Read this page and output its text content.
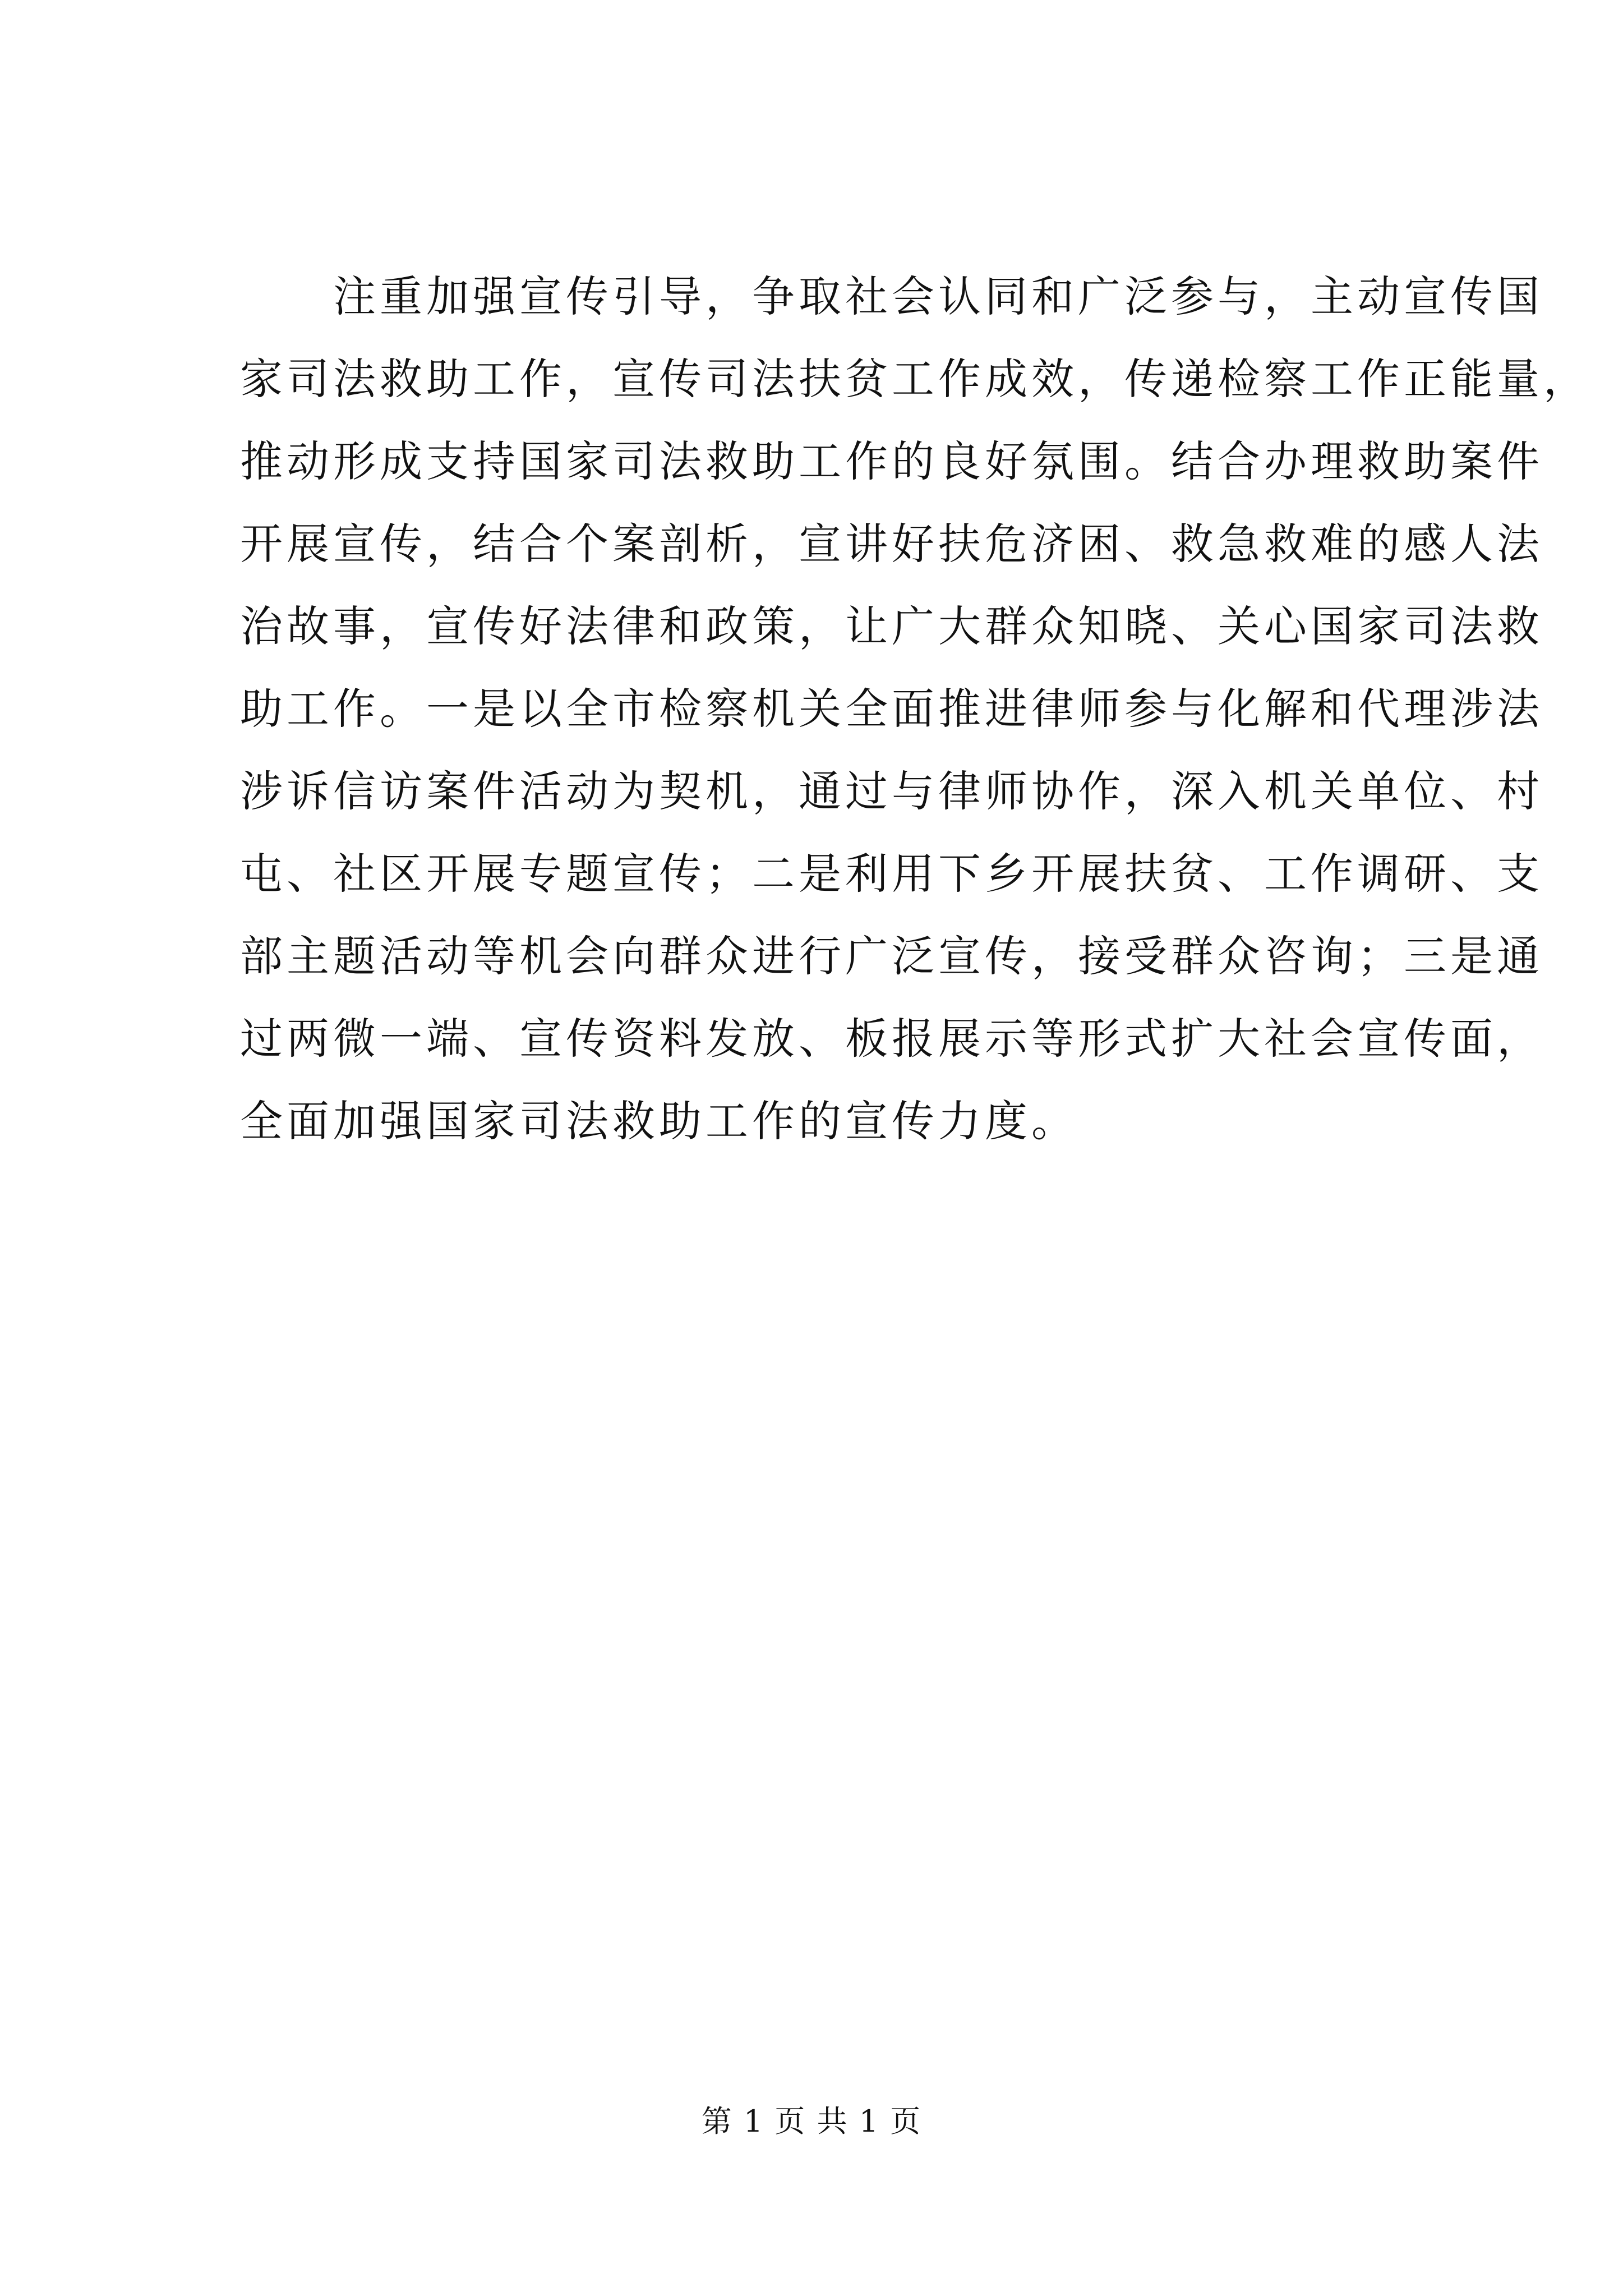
　　注重加强宣传引导，争取社会认同和广泛参与，主动宣传国
家司法救助工作，宣传司法扶贫工作成效，传递检察工作正能量，
推动形成支持国家司法救助工作的良好氛围。结合办理救助案件
开展宣传，结合个案剖析，宣讲好扶危济困、救急救难的感人法
治故事，宣传好法律和政策，让广大群众知晓、关心国家司法救
助工作。一是以全市检察机关全面推进律师参与化解和代理涉法
涉诉信访案件活动为契机，通过与律师协作，深入机关单位、村
屯、社区开展专题宣传；二是利用下乡开展扶贫、工作调研、支
部主题活动等机会向群众进行广泛宣传，接受群众咨询；三是通
过两微一端、宣传资料发放、板报展示等形式扩大社会宣传面，
全面加强国家司法救助工作的宣传力度。
第 1 页 共 1 页
